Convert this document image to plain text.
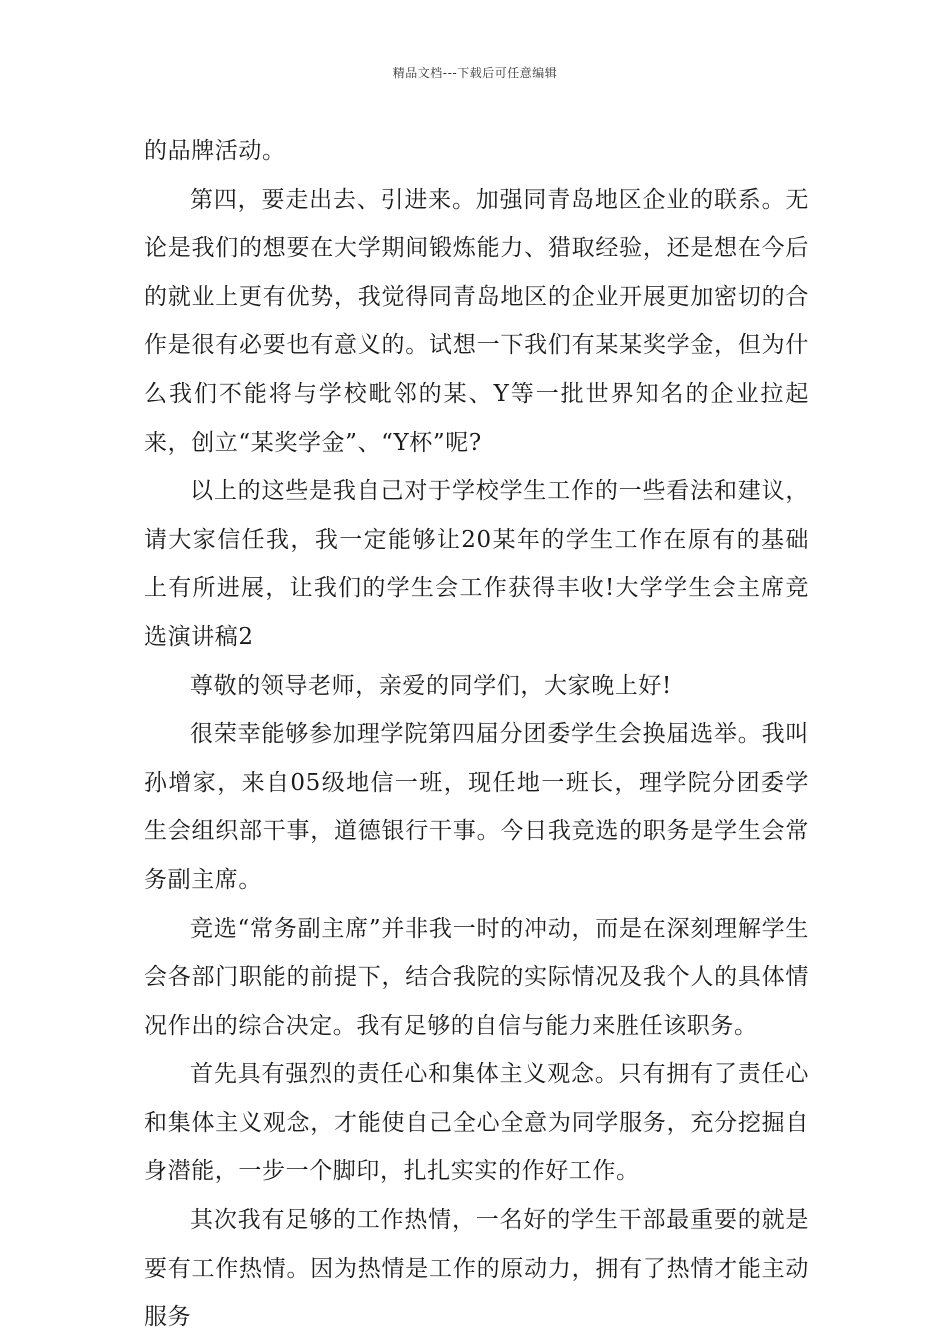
精品文档---下载后可任意编辑

的品牌活动。

第四，要走出去、引进来。加强同青岛地区企业的联系。无论是我们的想要在大学期间锻炼能力、猎取经验，还是想在今后的就业上更有优势，我觉得同青岛地区的企业开展更加密切的合作是很有必要也有意义的。试想一下我们有某某奖学金，但为什么我们不能将与学校毗邻的某、Y等一批世界知名的企业拉起来，创立“某奖学金”、“Y杯”呢?

以上的这些是我自己对于学校学生工作的一些看法和建议，请大家信任我，我一定能够让20某年的学生工作在原有的基础上有所进展，让我们的学生会工作获得丰收!大学学生会主席竞选演讲稿2

尊敬的领导老师，亲爱的同学们，大家晚上好!

很荣幸能够参加理学院第四届分团委学生会换届选举。我叫孙增家，来自05级地信一班，现任地一班长，理学院分团委学生会组织部干事，道德银行干事。今日我竞选的职务是学生会常务副主席。

竞选“常务副主席”并非我一时的冲动，而是在深刻理解学生会各部门职能的前提下，结合我院的实际情况及我个人的具体情况作出的综合决定。我有足够的自信与能力来胜任该职务。

首先具有强烈的责任心和集体主义观念。只有拥有了责任心和集体主义观念，才能使自己全心全意为同学服务，充分挖掘自身潜能，一步一个脚印，扎扎实实的作好工作。

其次我有足够的工作热情，一名好的学生干部最重要的就是要有工作热情。因为热情是工作的原动力，拥有了热情才能主动服务
